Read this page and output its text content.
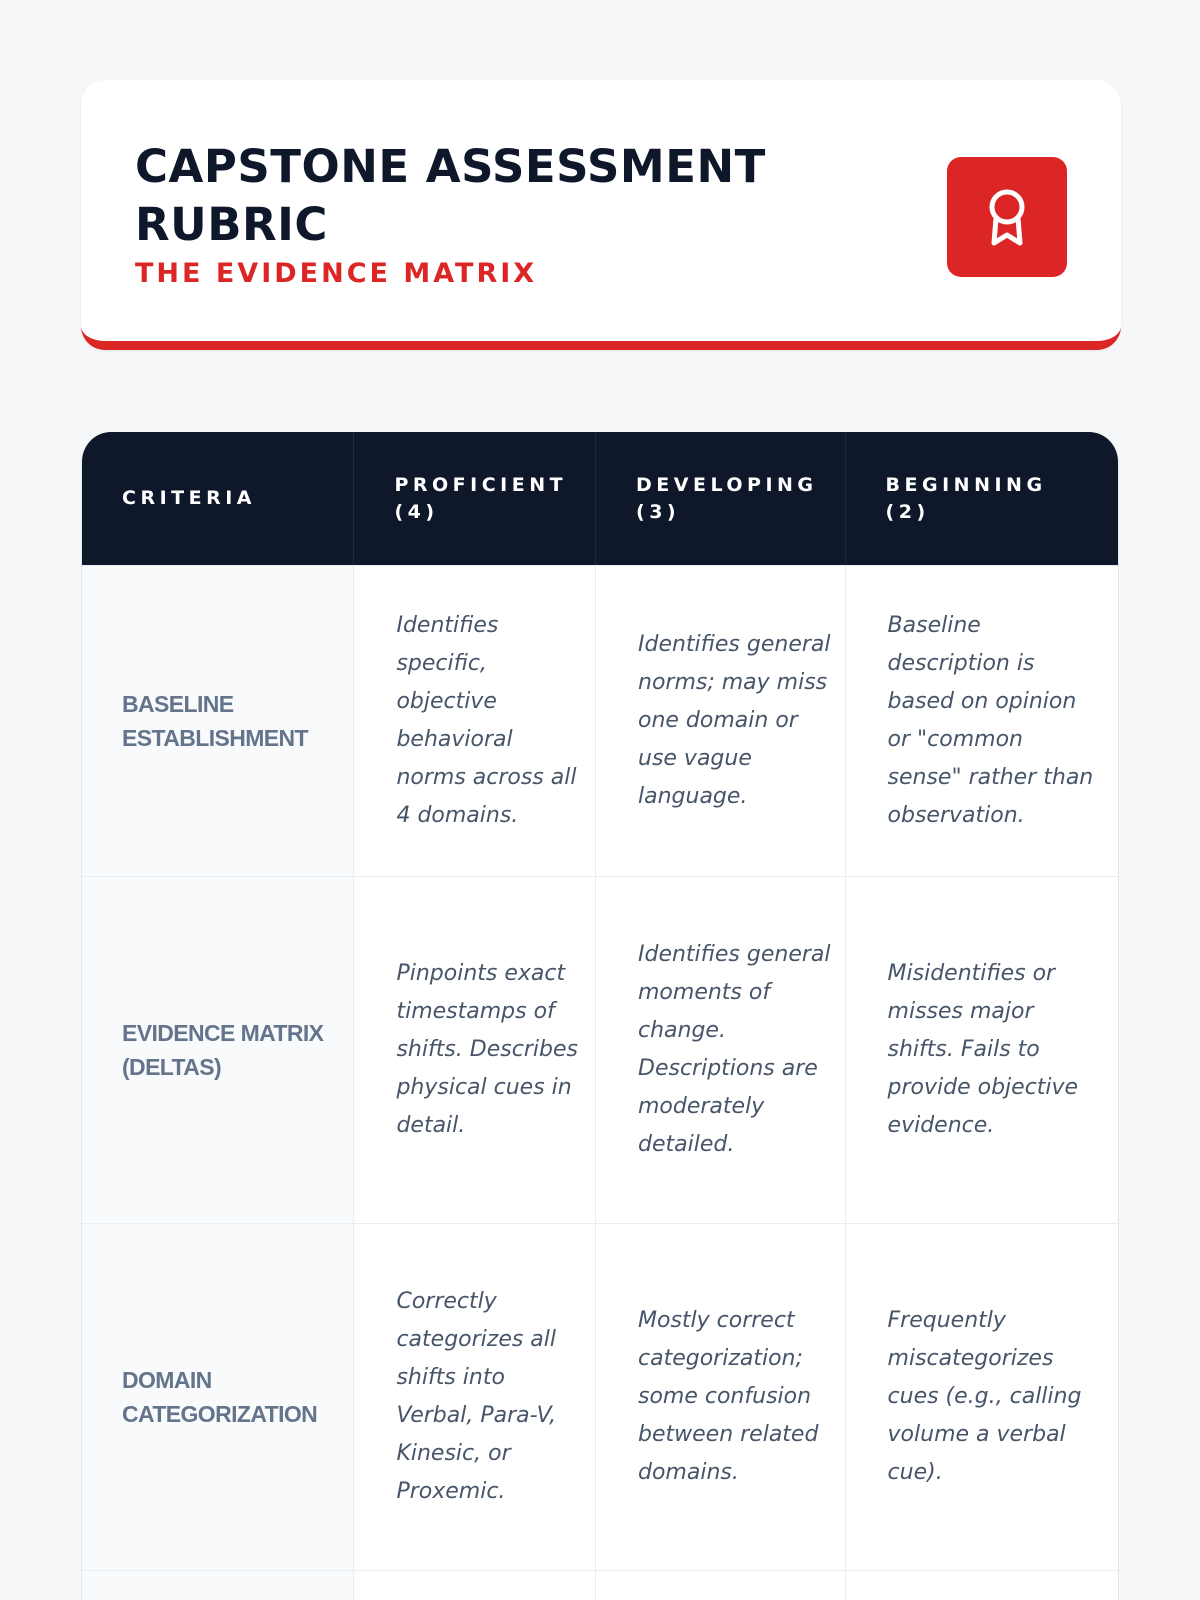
CAPSTONE ASSESSMENT RUBRIC
THE EVIDENCE MATRIX
CRITERIA
PROFICIENT (4)
DEVELOPING (3)
BEGINNING (2)
BASELINE ESTABLISHMENT
Identifies specific, objective behavioral norms across all 4 domains.
Identifies general norms; may miss one domain or use vague language.
Baseline description is based on opinion or "common sense" rather than observation.
EVIDENCE MATRIX (DELTAS)
Pinpoints exact timestamps of shifts. Describes physical cues in detail.
Identifies general moments of change. Descriptions are moderately detailed.
Misidentifies or misses major shifts. Fails to provide objective evidence.
DOMAIN CATEGORIZATION
Correctly categorizes all shifts into Verbal, Para-V, Kinesic, or Proxemic.
Mostly correct categorization; some confusion between related domains.
Frequently miscategorizes cues (e.g., calling volume a verbal cue).
